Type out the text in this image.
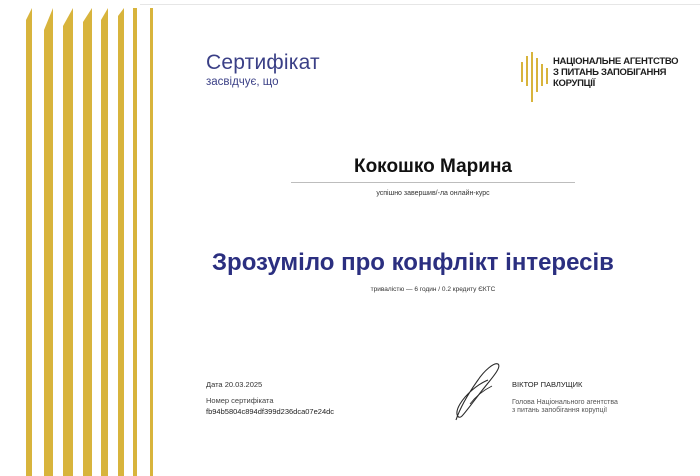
Сертифікат
засвідчує, що
НАЦІОНАЛЬНЕ АГЕНТСТВО
З ПИТАНЬ ЗАПОБІГАННЯ
КОРУПЦІЇ
Кокошко Марина
успішно завершив/-ла онлайн-курс
Зрозуміло про конфлікт інтересів
тривалістю — 6 годин / 0.2 кредиту ЄКТС
Дата 20.03.2025
Номер сертифіката
fb94b5804c894df399d236dca07e24dc
ВІКТОР ПАВЛУЩИК
Голова Національного агентства
з питань запобігання корупції
